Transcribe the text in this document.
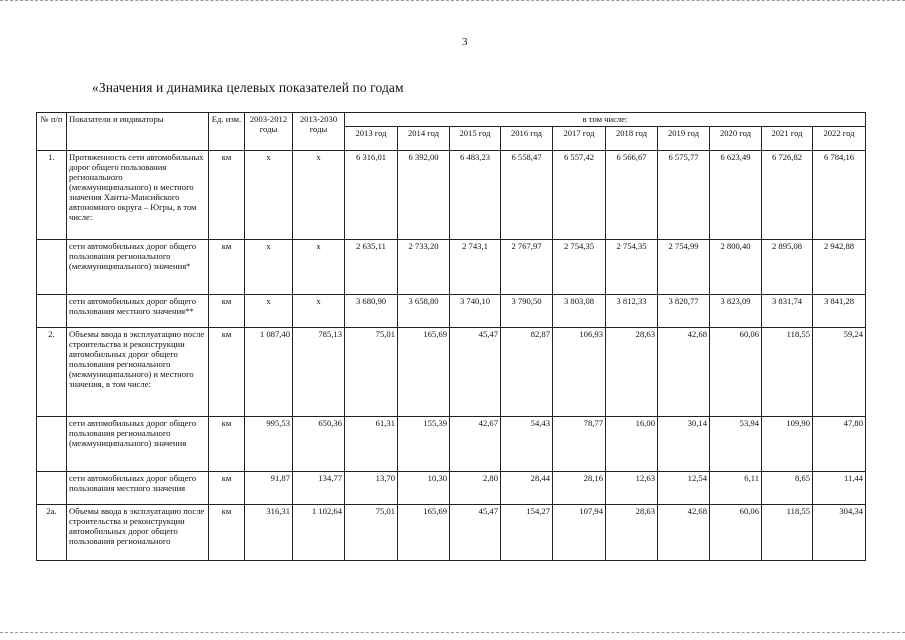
3
«Значения и динамика целевых показателей по годам
№ п/п	Показатели и индикаторы	Ед. изм.	2003-2012 годы	2013-2030 годы	в том числе:									
					2013 год	2014 год	2015 год	2016 год	2017 год	2018 год	2019 год	2020 год	2021 год	2022 год
1.	Протяженность сети автомобильных дорог общего пользования регионального (межмуниципального) и местного значения Ханты-Мансийского автономного округа – Югры, в том числе:	км	x	x	6 316,01	6 392,00	6 483,23	6 558,47	6 557,42	6 566,67	6 575,77	6 623,49	6 726,82	6 784,16
	сети автомобильных дорог общего пользования регионального (межмуниципального) значения*	км	x	x	2 635,11	2 733,20	2 743,1	2 767,97	2 754,35	2 754,35	2 754,99	2 800,40	2 895,08	2 942,88
	сети автомобильных дорог общего пользования местного значения**	км	x	x	3 680,90	3 658,80	3 740,10	3 790,50	3 803,08	3 812,33	3 820,77	3 823,09	3 831,74	3 841,28
2.	Объемы ввода в эксплуатацию после строительства и реконструкции автомобильных дорог общего пользования регионального (межмуниципального) и местного значения, в том числе:	км	1 087,40	785,13	75,01	165,69	45,47	82,87	106,93	28,63	42,68	60,06	118,55	59,24
	сети автомобильных дорог общего пользования регионального (межмуниципального) значения	км	995,53	650,36	61,31	155,39	42,67	54,43	78,77	16,00	30,14	53,94	109,90	47,80
	сети автомобильных дорог общего пользования местного значения	км	91,87	134,77	13,70	10,30	2,80	28,44	28,16	12,63	12,54	6,11	8,65	11,44
2а.	Объемы ввода в эксплуатацию после строительства и реконструкции автомобильных дорог общего пользования регионального	км	316,31	1 102,64	75,01	165,69	45,47	154,27	107,94	28,63	42,68	60,06	118,55	304,34
